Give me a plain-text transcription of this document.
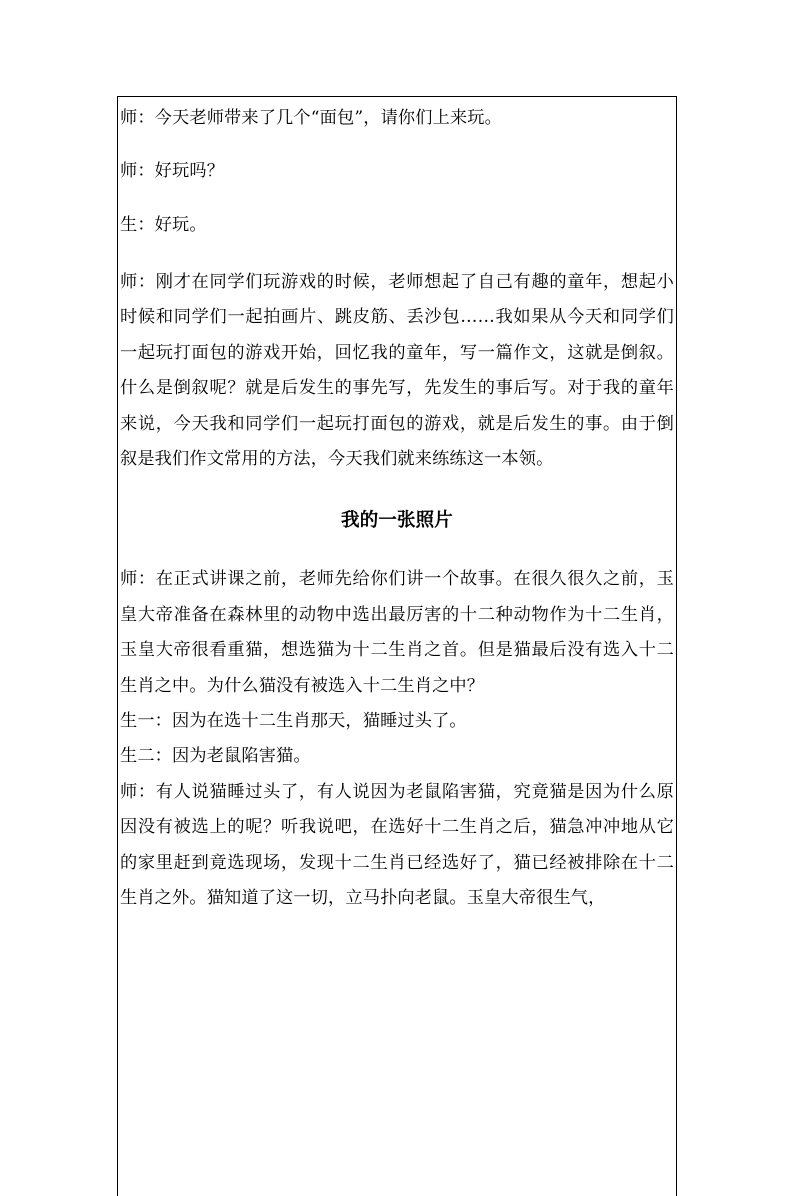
师：今天老师带来了几个“面包”，请你们上来玩。

师：好玩吗？

生：好玩。

师：刚才在同学们玩游戏的时候，老师想起了自己有趣的童年，想起小时候和同学们一起拍画片、跳皮筋、丢沙包……我如果从今天和同学们一起玩打面包的游戏开始，回忆我的童年，写一篇作文，这就是倒叙。什么是倒叙呢？就是后发生的事先写，先发生的事后写。对于我的童年来说，今天我和同学们一起玩打面包的游戏，就是后发生的事。由于倒叙是我们作文常用的方法，今天我们就来练练这一本领。

我的一张照片

师：在正式讲课之前，老师先给你们讲一个故事。在很久很久之前，玉皇大帝准备在森林里的动物中选出最厉害的十二种动物作为十二生肖，玉皇大帝很看重猫，想选猫为十二生肖之首。但是猫最后没有选入十二生肖之中。为什么猫没有被选入十二生肖之中？

生一：因为在选十二生肖那天，猫睡过头了。

生二：因为老鼠陷害猫。

师：有人说猫睡过头了，有人说因为老鼠陷害猫，究竟猫是因为什么原因没有被选上的呢？听我说吧，在选好十二生肖之后，猫急冲冲地从它的家里赶到竟选现场，发现十二生肖已经选好了，猫已经被排除在十二生肖之外。猫知道了这一切，立马扑向老鼠。玉皇大帝很生气，
